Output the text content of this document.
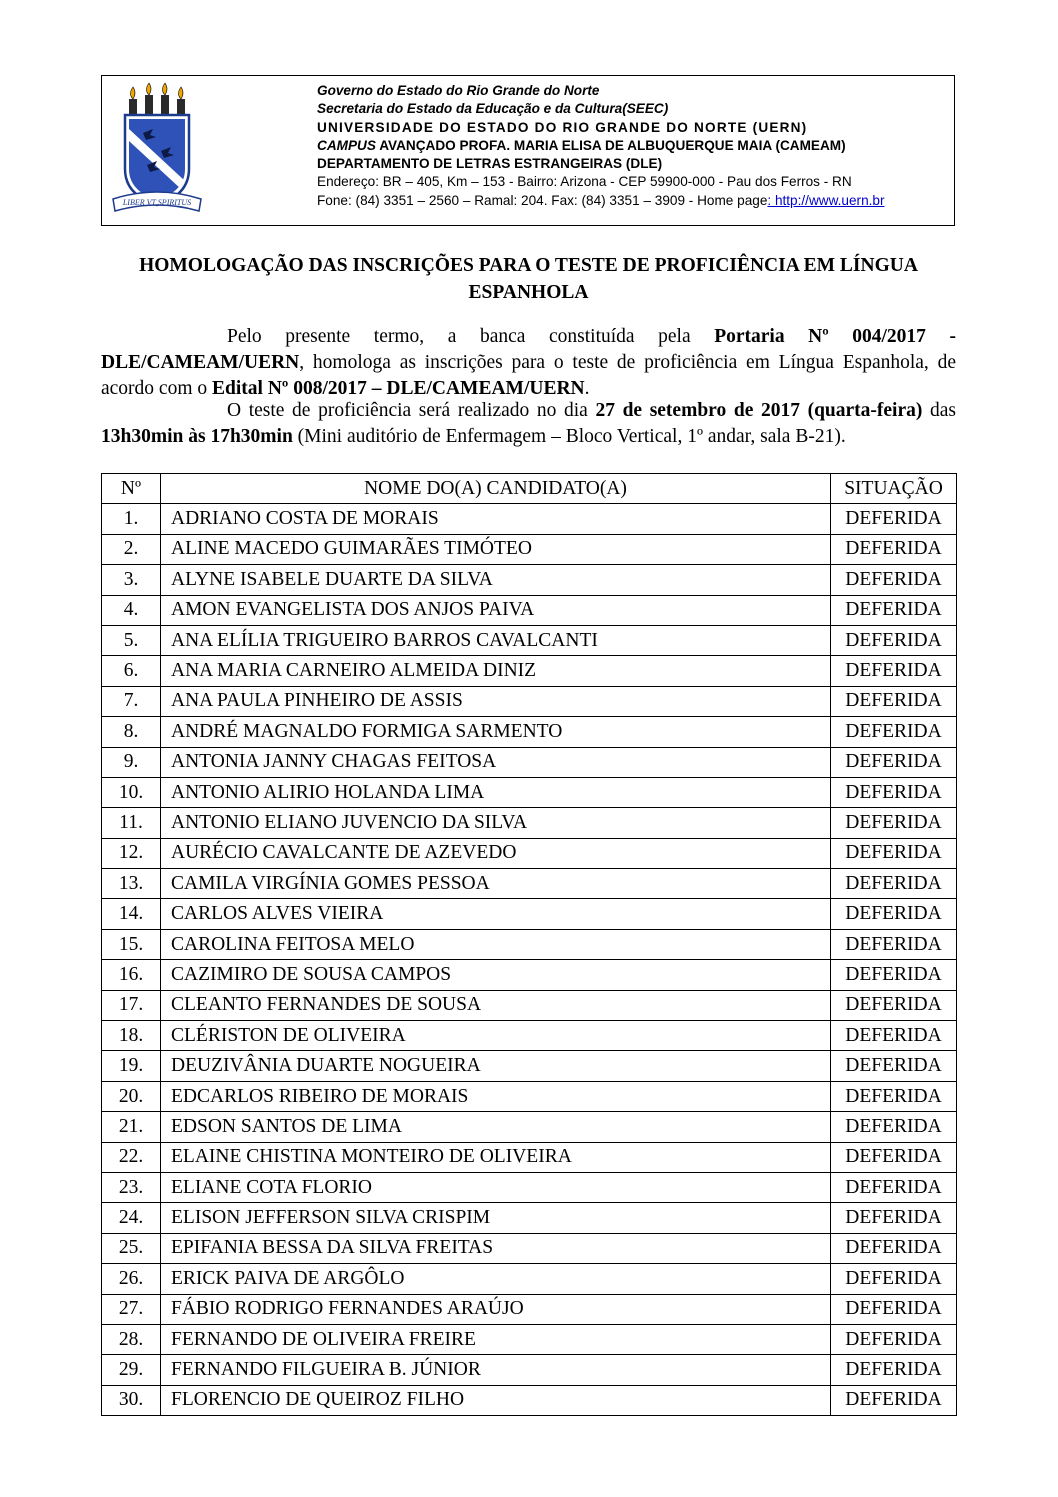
LIBER VT SPIRITUS
Governo do Estado do Rio Grande do Norte
Secretaria do Estado da Educação e da Cultura(SEEC)
UNIVERSIDADE DO ESTADO DO RIO GRANDE DO NORTE (UERN)
CAMPUS AVANÇADO PROFA. MARIA ELISA DE ALBUQUERQUE MAIA (CAMEAM)
DEPARTAMENTO DE LETRAS ESTRANGEIRAS (DLE)
Endereço: BR – 405, Km – 153 - Bairro: Arizona - CEP 59900-000 - Pau dos Ferros - RN
Fone: (84) 3351 – 2560 – Ramal: 204. Fax: (84) 3351 – 3909 - Home page: http://www.uern.br
HOMOLOGAÇÃO DAS INSCRIÇÕES PARA O TESTE DE PROFICIÊNCIA EM LÍNGUA ESPANHOLA
Pelo presente termo, a banca constituída pela Portaria Nº 004/2017 - DLE/CAMEAM/UERN, homologa as inscrições para o teste de proficiência em Língua Espanhola, de acordo com o Edital Nº 008/2017 – DLE/CAMEAM/UERN.
O teste de proficiência será realizado no dia 27 de setembro de 2017 (quarta-feira) das 13h30min às 17h30min (Mini auditório de Enfermagem – Bloco Vertical, 1º andar, sala B-21).
Nº	NOME DO(A) CANDIDATO(A)	SITUAÇÃO
1.	ADRIANO COSTA DE MORAIS	DEFERIDA
2.	ALINE MACEDO GUIMARÃES TIMÓTEO	DEFERIDA
3.	ALYNE ISABELE DUARTE DA SILVA	DEFERIDA
4.	AMON EVANGELISTA DOS ANJOS PAIVA	DEFERIDA
5.	ANA ELÍLIA TRIGUEIRO BARROS CAVALCANTI	DEFERIDA
6.	ANA MARIA CARNEIRO ALMEIDA DINIZ	DEFERIDA
7.	ANA PAULA PINHEIRO DE ASSIS	DEFERIDA
8.	ANDRÉ MAGNALDO FORMIGA SARMENTO	DEFERIDA
9.	ANTONIA JANNY CHAGAS FEITOSA	DEFERIDA
10.	ANTONIO ALIRIO HOLANDA LIMA	DEFERIDA
11.	ANTONIO ELIANO JUVENCIO DA SILVA	DEFERIDA
12.	AURÉCIO CAVALCANTE DE AZEVEDO	DEFERIDA
13.	CAMILA VIRGÍNIA GOMES PESSOA	DEFERIDA
14.	CARLOS ALVES VIEIRA	DEFERIDA
15.	CAROLINA FEITOSA MELO	DEFERIDA
16.	CAZIMIRO DE SOUSA CAMPOS	DEFERIDA
17.	CLEANTO FERNANDES DE SOUSA	DEFERIDA
18.	CLÉRISTON DE OLIVEIRA	DEFERIDA
19.	DEUZIVÂNIA DUARTE NOGUEIRA	DEFERIDA
20.	EDCARLOS RIBEIRO DE MORAIS	DEFERIDA
21.	EDSON SANTOS DE LIMA	DEFERIDA
22.	ELAINE CHISTINA MONTEIRO DE OLIVEIRA	DEFERIDA
23.	ELIANE COTA FLORIO	DEFERIDA
24.	ELISON JEFFERSON SILVA CRISPIM	DEFERIDA
25.	EPIFANIA BESSA DA SILVA FREITAS	DEFERIDA
26.	ERICK PAIVA DE ARGÔLO	DEFERIDA
27.	FÁBIO RODRIGO FERNANDES ARAÚJO	DEFERIDA
28.	FERNANDO DE OLIVEIRA FREIRE	DEFERIDA
29.	FERNANDO FILGUEIRA B. JÚNIOR	DEFERIDA
30.	FLORENCIO DE QUEIROZ FILHO	DEFERIDA
